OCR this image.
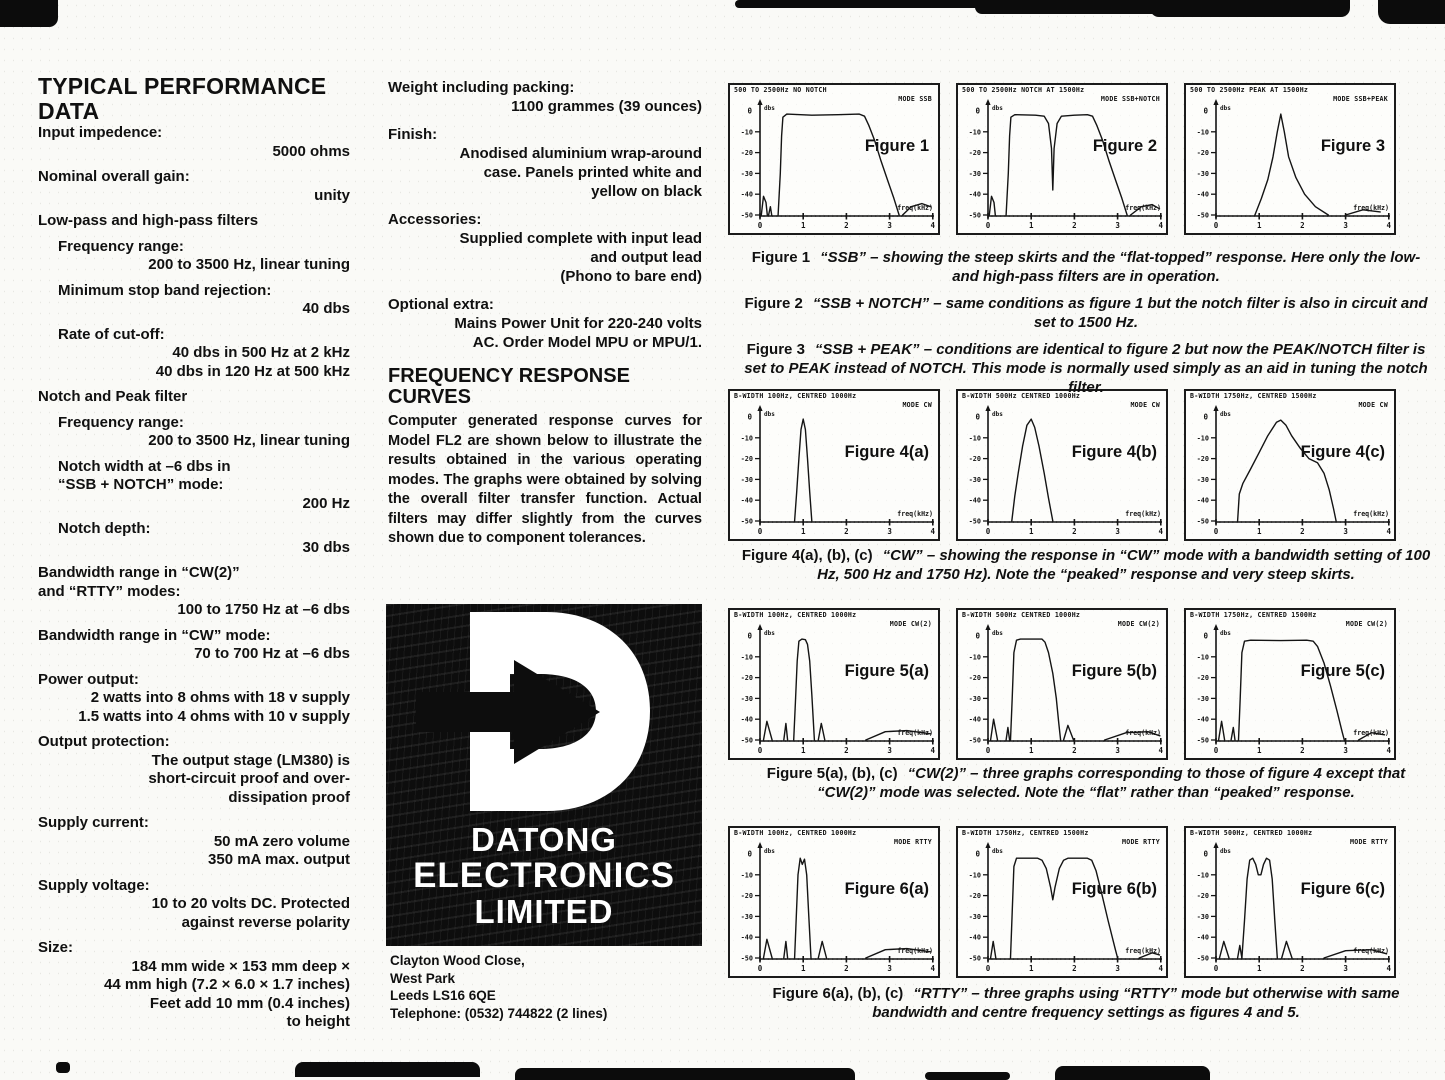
TYPICAL PERFORMANCE
DATA
Input impedence:
5000 ohms
Nominal overall gain:
unity
Low-pass and high-pass filters
Frequency range:
200 to 3500 Hz, linear tuning
Minimum stop band rejection:
40 dbs
Rate of cut-off:
40 dbs in 500 Hz at 2 kHz
40 dbs in 120 Hz at 500 kHz
Notch and Peak filter
Frequency range:
200 to 3500 Hz, linear tuning
Notch width at –6 dbs in
“SSB + NOTCH” mode:
200 Hz
Notch depth:
30 dbs
Bandwidth range in “CW(2)”
and “RTTY” modes:
100 to 1750 Hz at –6 dbs
Bandwidth range in “CW” mode:
70 to 700 Hz at –6 dbs
Power output:
2 watts into 8 ohms with 18 v supply
1.5 watts into 4 ohms with 10 v supply
Output protection:
The output stage (LM380) is
short-circuit proof and over-
dissipation proof
Supply current:
50 mA zero volume
350 mA max. output
Supply voltage:
10 to 20 volts DC. Protected
against reverse polarity
Size:
184 mm wide × 153 mm deep ×
44 mm high (7.2 × 6.0 × 1.7 inches)
Feet add 10 mm (0.4 inches)
to height
Weight including packing:
1100 grammes (39 ounces)
Finish:
Anodised aluminium wrap-around
case. Panels printed white and
yellow on black
Accessories:
Supplied complete with input lead
and output lead
(Phono to bare end)
Optional extra:
Mains Power Unit for 220-240 volts
AC. Order Model MPU or MPU/1.
FREQUENCY RESPONSE
CURVES
Computer generated response curves for Model FL2 are shown below to illustrate the results obtained in the various operating modes. The graphs were obtained by solving the overall filter transfer function. Actual filters may differ slightly from the curves shown due to component tolerances.
DATONG
ELECTRONICS
LIMITED
Clayton Wood Close,
West Park
Leeds LS16 6QE
Telephone: (0532) 744822 (2 lines)
500 TO 2500Hz NO NOTCH
MODE SSB
Figure 1
0 dbs
-10
-20
-30
-40
-50
0	1	2	3	4
freq(kHz)
500 TO 2500Hz NOTCH AT 1500Hz
MODE SSB+NOTCH
Figure 2
0 dbs
-10
-20
-30
-40
-50
0	1	2	3	4
freq(kHz)
500 TO 2500Hz PEAK AT 1500Hz
MODE SSB+PEAK
Figure 3
0 dbs
-10
-20
-30
-40
-50
0	1	2	3	4
freq(kHz)
B-WIDTH 100Hz, CENTRED 1000Hz
MODE CW
Figure 4(a)
0 dbs
-10
-20
-30
-40
-50
0	1	2	3	4
freq(kHz)
B-WIDTH 500Hz CENTRED 1000Hz
MODE CW
Figure 4(b)
0 dbs
-10
-20
-30
-40
-50
0	1	2	3	4
freq(kHz)
B-WIDTH 1750Hz, CENTRED 1500Hz
MODE CW
Figure 4(c)
0 dbs
-10
-20
-30
-40
-50
0	1	2	3	4
freq(kHz)
B-WIDTH 100Hz, CENTRED 1000Hz
MODE CW(2)
Figure 5(a)
0 dbs
-10
-20
-30
-40
-50
0	1	2	3	4
freq(kHz)
B-WIDTH 500Hz CENTRED 1000Hz
MODE CW(2)
Figure 5(b)
0 dbs
-10
-20
-30
-40
-50
0	1	2	3	4
freq(kHz)
B-WIDTH 1750Hz, CENTRED 1500Hz
MODE CW(2)
Figure 5(c)
0 dbs
-10
-20
-30
-40
-50
0	1	2	3	4
freq(kHz)
B-WIDTH 100Hz, CENTRED 1000Hz
MODE RTTY
Figure 6(a)
0 dbs
-10
-20
-30
-40
-50
0	1	2	3	4
freq(kHz)
B-WIDTH 1750Hz, CENTRED 1500Hz
MODE RTTY
Figure 6(b)
0 dbs
-10
-20
-30
-40
-50
0	1	2	3	4
freq(kHz)
B-WIDTH 500Hz, CENTRED 1000Hz
MODE RTTY
Figure 6(c)
0 dbs
-10
-20
-30
-40
-50
0	1	2	3	4
freq(kHz)
Figure 1 “SSB” – showing the steep skirts and the “flat-topped” response. Here only the low- and high-pass filters are in operation.
Figure 2 “SSB + NOTCH” – same conditions as figure 1 but the notch filter is also in circuit and set to 1500 Hz.
Figure 3 “SSB + PEAK” – conditions are identical to figure 2 but now the PEAK/NOTCH filter is set to PEAK instead of NOTCH. This mode is normally used simply as an aid in tuning the notch filter.
Figure 4(a), (b), (c) “CW” – showing the response in “CW” mode with a bandwidth setting of 100 Hz, 500 Hz and 1750 Hz). Note the “peaked” response and very steep skirts.
Figure 5(a), (b), (c) “CW(2)” – three graphs corresponding to those of figure 4 except that “CW(2)” mode was selected. Note the “flat” rather than “peaked” response.
Figure 6(a), (b), (c) “RTTY” – three graphs using “RTTY” mode but otherwise with same bandwidth and centre frequency settings as figures 4 and 5.
